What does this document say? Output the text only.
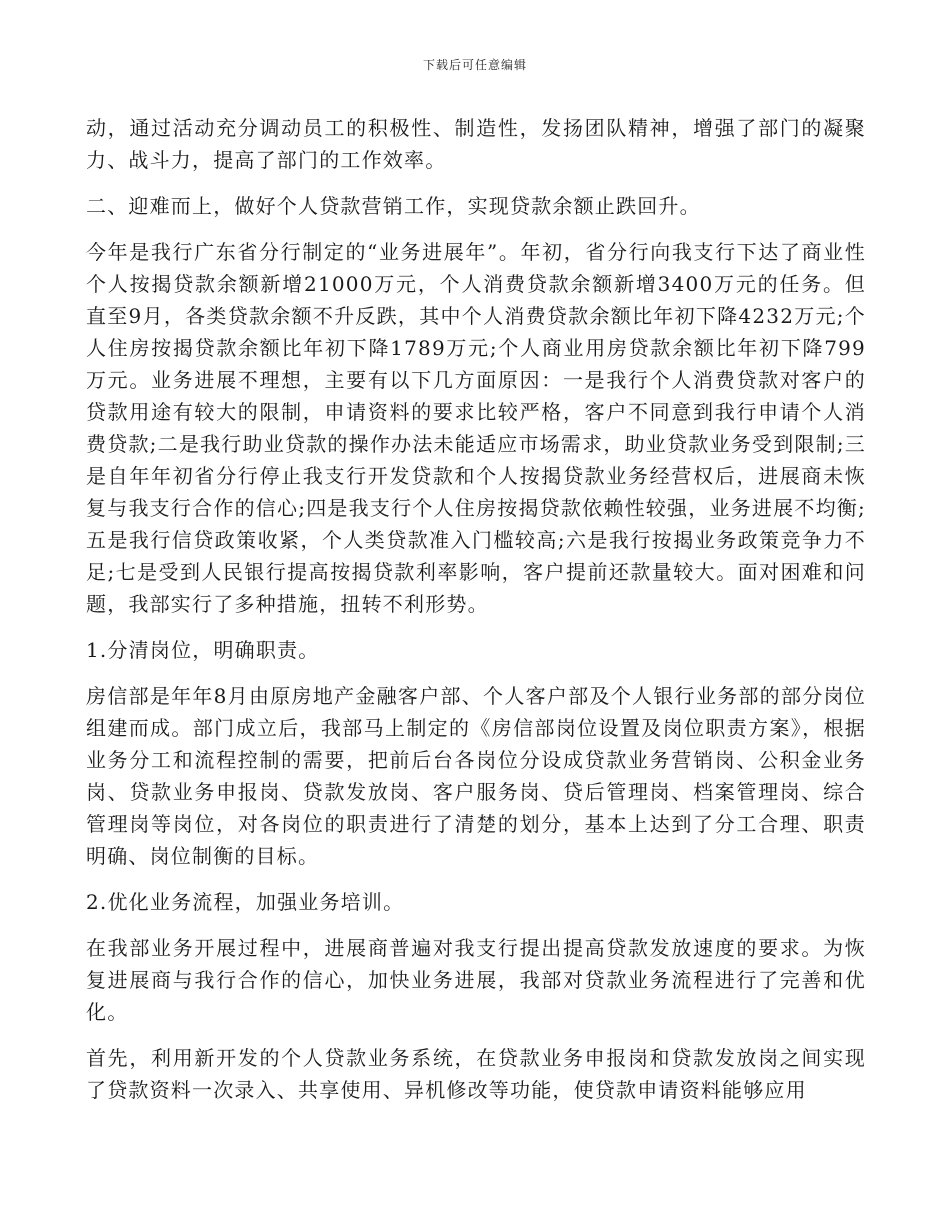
下载后可任意编辑

动，通过活动充分调动员工的积极性、制造性，发扬团队精神，增强了部门的凝聚力、战斗力，提高了部门的工作效率。

二、迎难而上，做好个人贷款营销工作，实现贷款余额止跌回升。

今年是我行广东省分行制定的“业务进展年”。年初，省分行向我支行下达了商业性个人按揭贷款余额新增21000万元，个人消费贷款余额新增3400万元的任务。但直至9月，各类贷款余额不升反跌，其中个人消费贷款余额比年初下降4232万元;个人住房按揭贷款余额比年初下降1789万元;个人商业用房贷款余额比年初下降799万元。业务进展不理想，主要有以下几方面原因：一是我行个人消费贷款对客户的贷款用途有较大的限制，申请资料的要求比较严格，客户不同意到我行申请个人消费贷款;二是我行助业贷款的操作办法未能适应市场需求，助业贷款业务受到限制;三是自年年初省分行停止我支行开发贷款和个人按揭贷款业务经营权后，进展商未恢复与我支行合作的信心;四是我支行个人住房按揭贷款依赖性较强，业务进展不均衡;五是我行信贷政策收紧，个人类贷款准入门槛较高;六是我行按揭业务政策竞争力不足;七是受到人民银行提高按揭贷款利率影响，客户提前还款量较大。面对困难和问题，我部实行了多种措施，扭转不利形势。

1.分清岗位，明确职责。

房信部是年年8月由原房地产金融客户部、个人客户部及个人银行业务部的部分岗位组建而成。部门成立后，我部马上制定的《房信部岗位设置及岗位职责方案》，根据业务分工和流程控制的需要，把前后台各岗位分设成贷款业务营销岗、公积金业务岗、贷款业务申报岗、贷款发放岗、客户服务岗、贷后管理岗、档案管理岗、综合管理岗等岗位，对各岗位的职责进行了清楚的划分，基本上达到了分工合理、职责明确、岗位制衡的目标。

2.优化业务流程，加强业务培训。

在我部业务开展过程中，进展商普遍对我支行提出提高贷款发放速度的要求。为恢复进展商与我行合作的信心，加快业务进展，我部对贷款业务流程进行了完善和优化。

首先，利用新开发的个人贷款业务系统，在贷款业务申报岗和贷款发放岗之间实现了贷款资料一次录入、共享使用、异机修改等功能，使贷款申请资料能够应用
